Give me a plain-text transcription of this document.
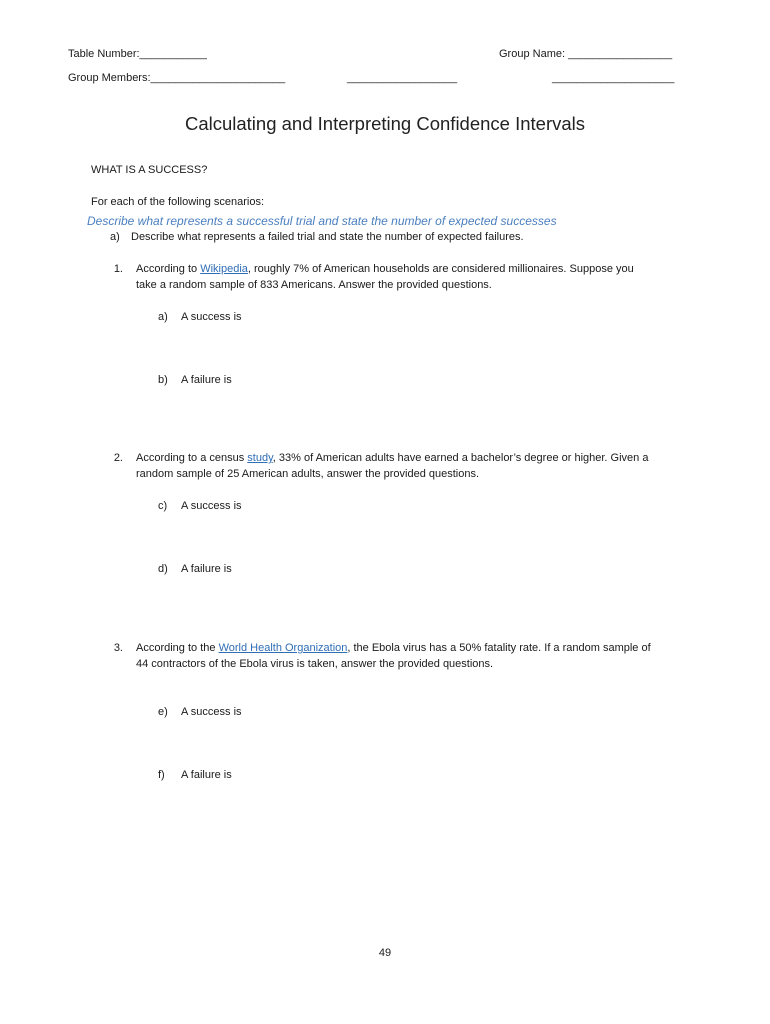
Table Number:___________	Group Name: _________________
Group Members:______________________	__________________	____________________
Calculating and Interpreting Confidence Intervals
WHAT IS A SUCCESS?
For each of the following scenarios:
Describe what represents a successful trial and state the number of expected successes
a) Describe what represents a failed trial and state the number of expected failures.
1. According to Wikipedia, roughly 7% of American households are considered millionaires. Suppose you
take a random sample of 833 Americans. Answer the provided questions.
a) A success is
b) A failure is
2. According to a census study, 33% of American adults have earned a bachelor’s degree or higher. Given a
random sample of 25 American adults, answer the provided questions.
c) A success is
d) A failure is
3. According to the World Health Organization, the Ebola virus has a 50% fatality rate. If a random sample of
44 contractors of the Ebola virus is taken, answer the provided questions.
e) A success is
f) A failure is
49
